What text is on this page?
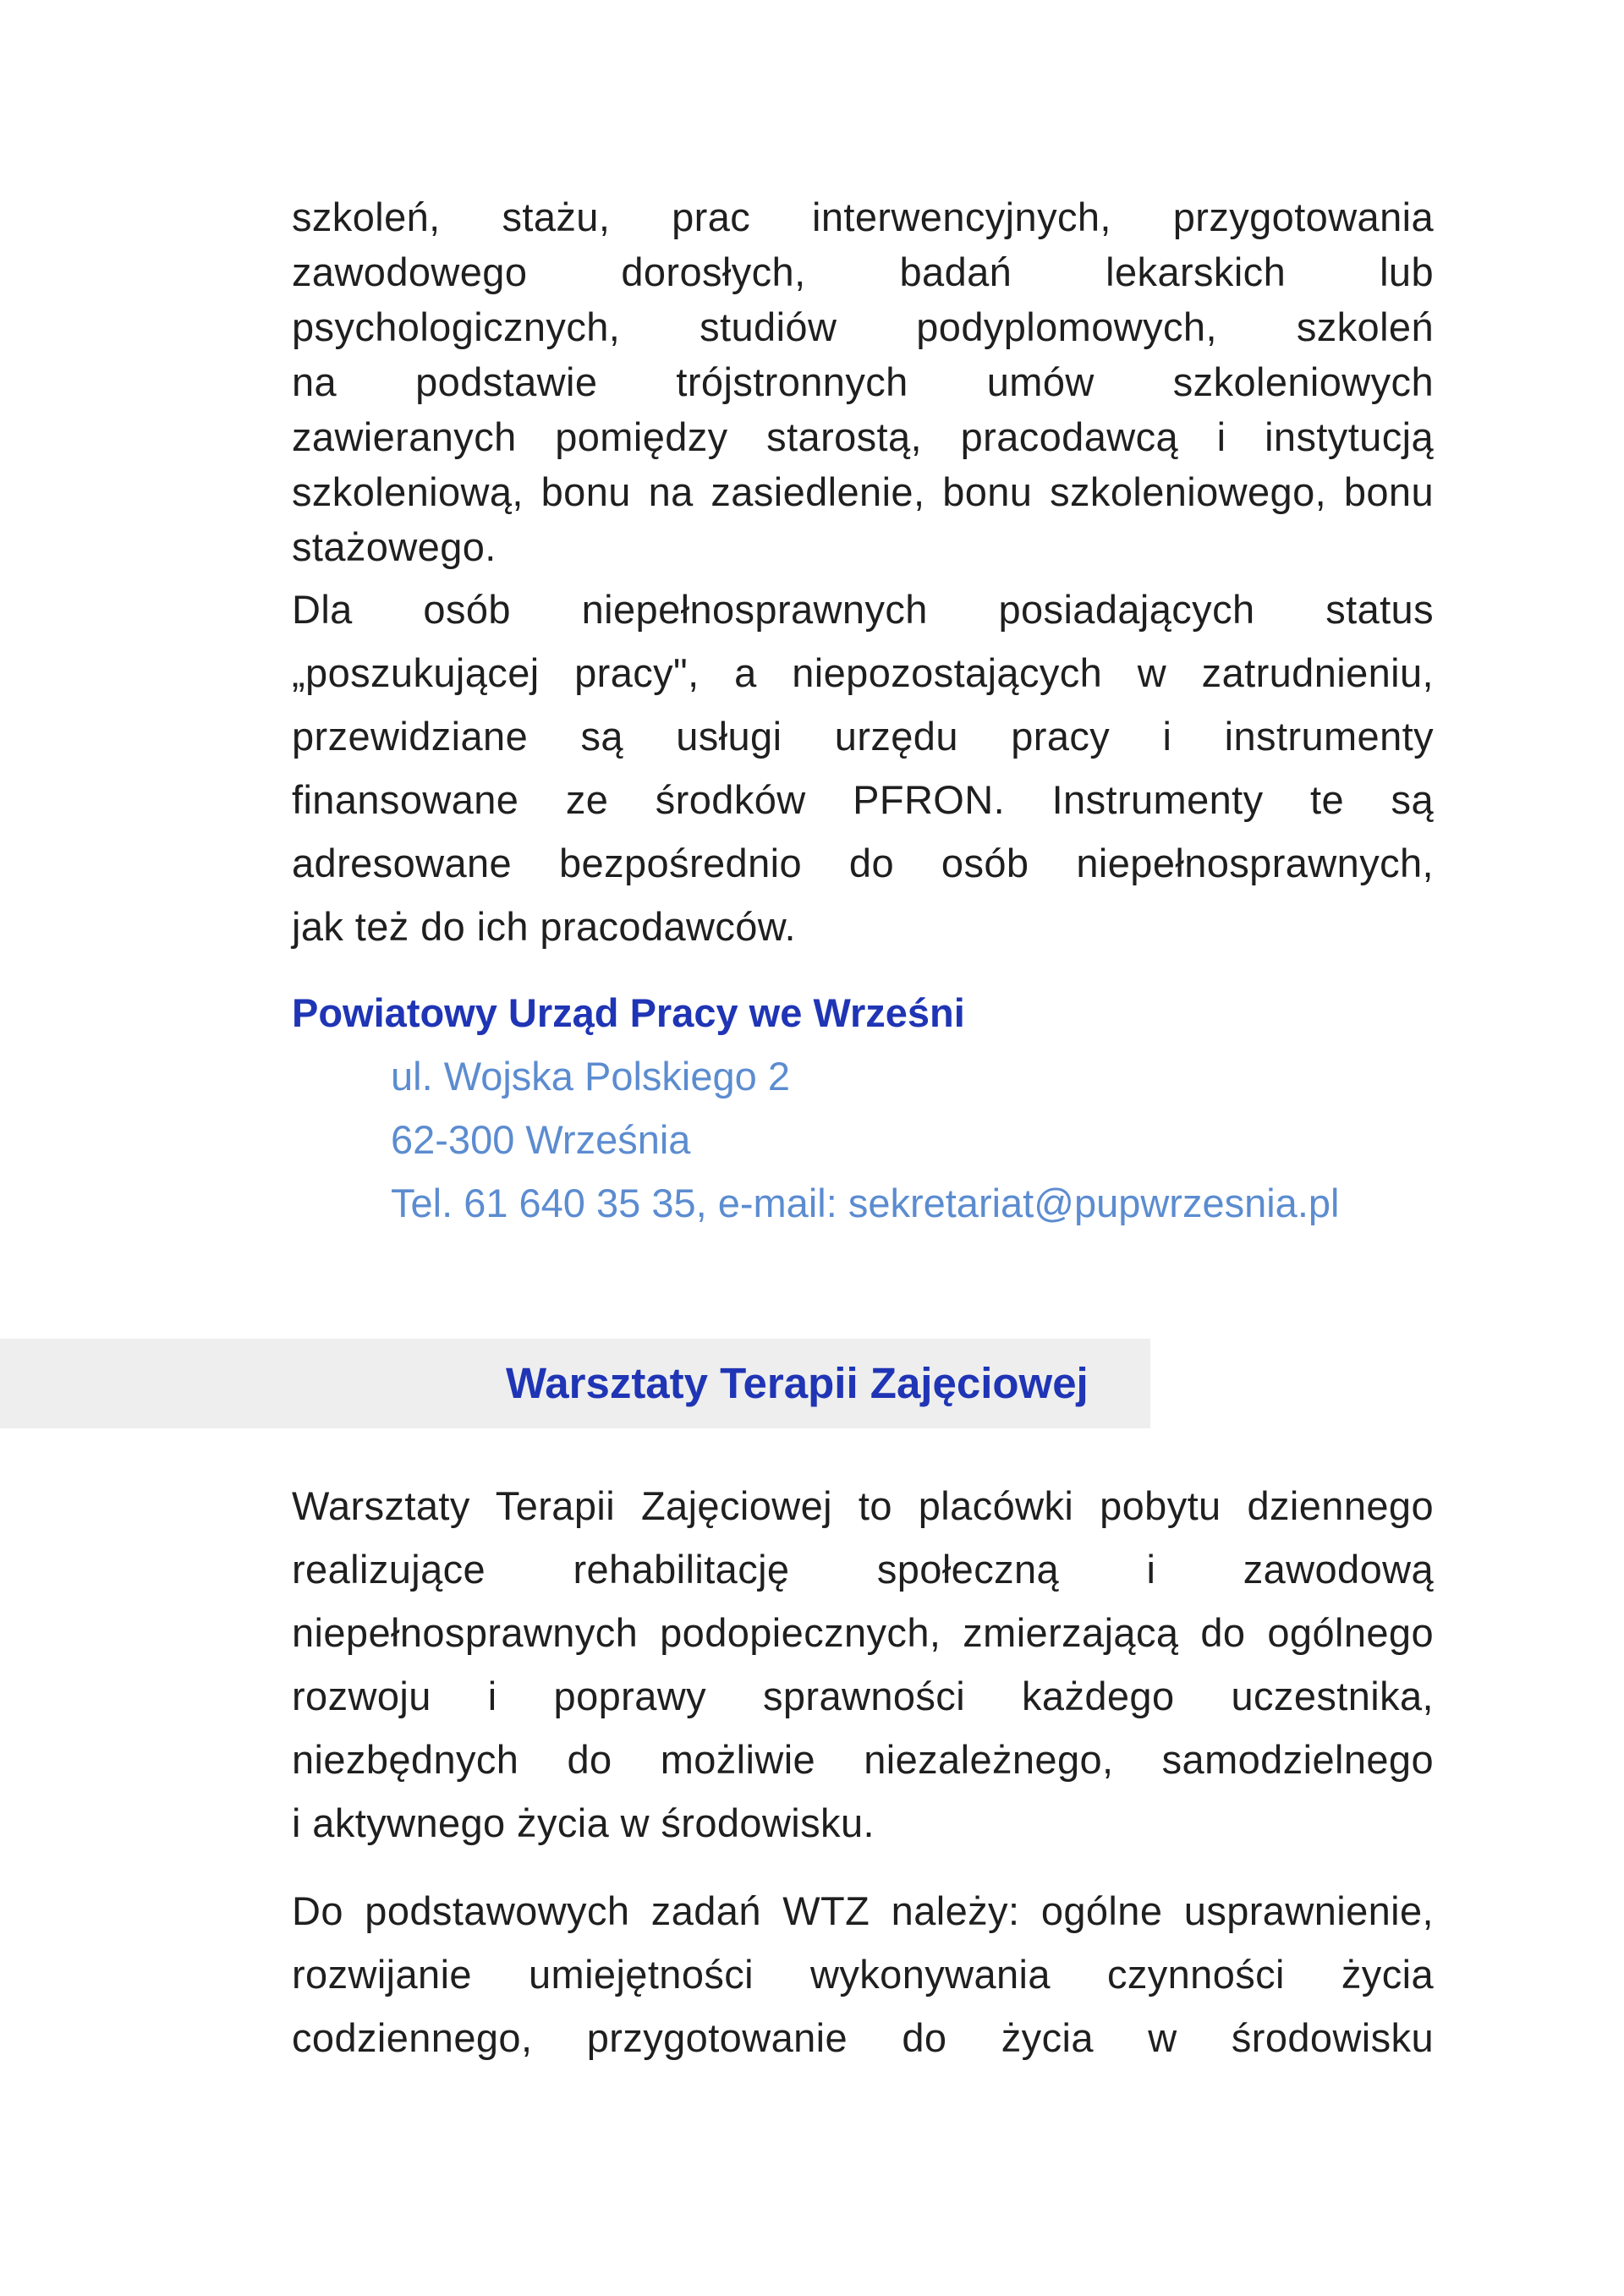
szkoleń, stażu, prac interwencyjnych, przygotowania

zawodowego dorosłych, badań lekarskich lub

psychologicznych, studiów podyplomowych, szkoleń

na podstawie trójstronnych umów szkoleniowych

zawieranych pomiędzy starostą, pracodawcą i instytucją

szkoleniową, bonu na zasiedlenie, bonu szkoleniowego, bonu

stażowego.

Dla osób niepełnosprawnych posiadających status

„poszukującej pracy", a niepozostających w zatrudnieniu,

przewidziane są usługi urzędu pracy i instrumenty

finansowane ze środków PFRON. Instrumenty te są

adresowane bezpośrednio do osób niepełnosprawnych,

jak też do ich pracodawców.

Powiatowy Urząd Pracy we Wrześni

ul. Wojska Polskiego 2

62-300 Września

Tel. 61 640 35 35, e-mail: sekretariat@pupwrzesnia.pl

Warsztaty Terapii Zajęciowej

Warsztaty Terapii Zajęciowej to placówki pobytu dziennego

realizujące rehabilitację społeczną i zawodową

niepełnosprawnych podopiecznych, zmierzającą do ogólnego

rozwoju i poprawy sprawności każdego uczestnika,

niezbędnych do możliwie niezależnego, samodzielnego

i aktywnego życia w środowisku.

Do podstawowych zadań WTZ należy: ogólne usprawnienie,

rozwijanie umiejętności wykonywania czynności życia

codziennego, przygotowanie do życia w środowisku
